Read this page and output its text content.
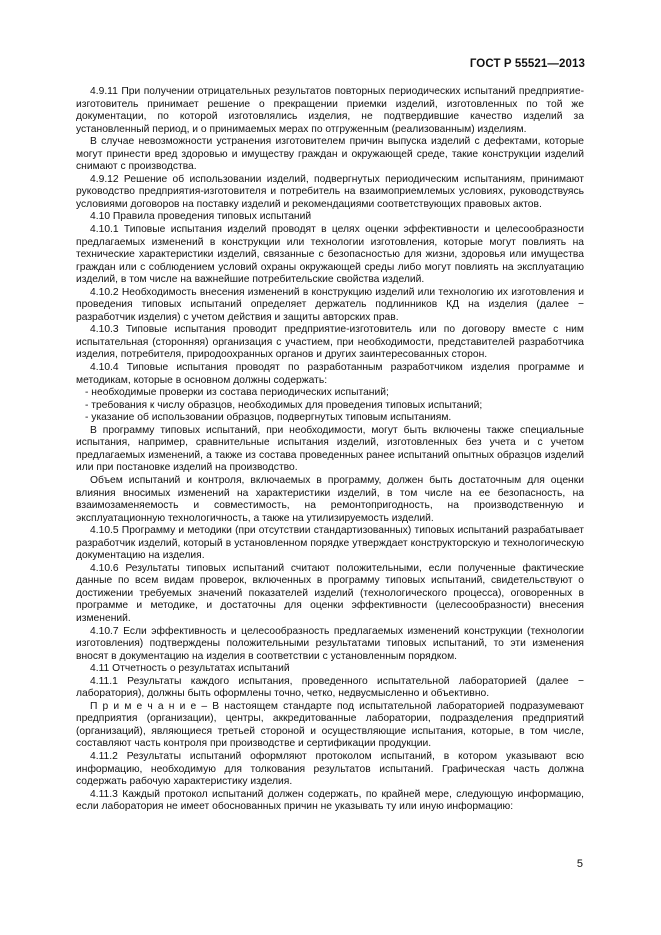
ГОСТ Р 55521—2013

4.9.11 При получении отрицательных результатов повторных периодических испытаний предприятие-изготовитель принимает решение о прекращении приемки изделий, изготовленных по той же документации, по которой изготовлялись изделия, не подтвердившие качество изделий за установленный период, и о принимаемых мерах по отгруженным (реализованным) изделиям.

В случае невозможности устранения изготовителем причин выпуска изделий с дефектами, которые могут принести вред здоровью и имуществу граждан и окружающей среде, такие конструкции изделий снимают с производства.

4.9.12 Решение об использовании изделий, подвергнутых периодическим испытаниям, принимают руководство предприятия-изготовителя и потребитель на взаимоприемлемых условиях, руководствуясь условиями договоров на поставку изделий и рекомендациями соответствующих правовых актов.

4.10 Правила проведения типовых испытаний

4.10.1 Типовые испытания изделий проводят в целях оценки эффективности и целесообразности предлагаемых изменений в конструкции или технологии изготовления, которые могут повлиять на технические характеристики изделий, связанные с безопасностью для жизни, здоровья или имущества граждан или с соблюдением условий охраны окружающей среды либо могут повлиять на эксплуатацию изделий, в том числе на важнейшие потребительские свойства изделий.

4.10.2 Необходимость внесения изменений в конструкцию изделий или технологию их изготовления и проведения типовых испытаний определяет держатель подлинников КД на изделия (далее − разработчик изделия) с учетом действия и защиты авторских прав.

4.10.3 Типовые испытания проводит предприятие-изготовитель или по договору вместе с ним испытательная (сторонняя) организация с участием, при необходимости, представителей разработчика изделия, потребителя, природоохранных органов и других заинтересованных сторон.

4.10.4 Типовые испытания проводят по разработанным разработчиком изделия программе и методикам, которые в основном должны содержать:

- необходимые проверки из состава периодических испытаний;

- требования к числу образцов, необходимых для проведения типовых испытаний;

- указание об использовании образцов, подвергнутых типовым испытаниям.

В программу типовых испытаний, при необходимости, могут быть включены также специальные испытания, например, сравнительные испытания изделий, изготовленных без учета и с учетом предлагаемых изменений, а также из состава проведенных ранее испытаний опытных образцов изделий или при постановке изделий на производство.

Объем испытаний и контроля, включаемых в программу, должен быть достаточным для оценки влияния вносимых изменений на характеристики изделий, в том числе на ее безопасность, на взаимозаменяемость и совместимость, на ремонтопригодность, на производственную и эксплуатационную технологичность, а также на утилизируемость изделий.

4.10.5 Программу и методики (при отсутствии стандартизованных) типовых испытаний разрабатывает разработчик изделий, который в установленном порядке утверждает конструкторскую и технологическую документацию на изделия.

4.10.6 Результаты типовых испытаний считают положительными, если полученные фактические данные по всем видам проверок, включенных в программу типовых испытаний, свидетельствуют о достижении требуемых значений показателей изделий (технологического процесса), оговоренных в программе и методике, и достаточны для оценки эффективности (целесообразности) внесения изменений.

4.10.7 Если эффективность и целесообразность предлагаемых изменений конструкции (технологии изготовления) подтверждены положительными результатами типовых испытаний, то эти изменения вносят в документацию на изделия в соответствии с установленным порядком.

4.11 Отчетность о результатах испытаний

4.11.1 Результаты каждого испытания, проведенного испытательной лабораторией (далее − лаборатория), должны быть оформлены точно, четко, недвусмысленно и объективно.

П р и м е ч а н и е – В настоящем стандарте под испытательной лабораторией подразумевают предприятия (организации), центры, аккредитованные лаборатории, подразделения предприятий (организаций), являющиеся третьей стороной и осуществляющие испытания, которые, в том числе, составляют часть контроля при производстве и сертификации продукции.

4.11.2 Результаты испытаний оформляют протоколом испытаний, в котором указывают всю информацию, необходимую для толкования результатов испытаний. Графическая часть должна содержать рабочую характеристику изделия.

4.11.3 Каждый протокол испытаний должен содержать, по крайней мере, следующую информацию, если лаборатория не имеет обоснованных причин не указывать ту или иную информацию:

5
